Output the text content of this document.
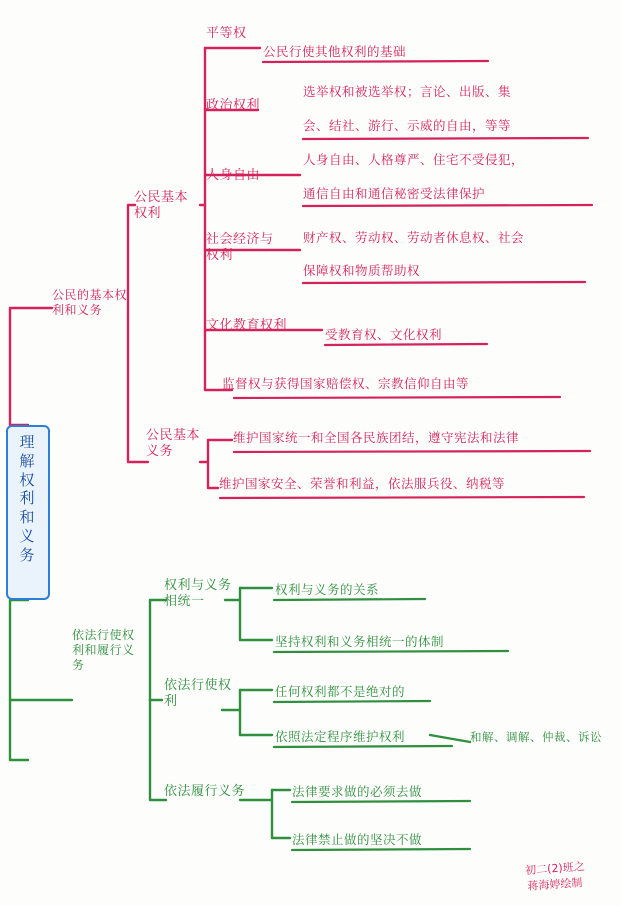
理解权利和义务
公民的基本权利和义务
公民基本权利
公民基本义务
平等权
公民行使其他权利的基础
政治权利
选举权和被选举权；言论、出版、集
会、结社、游行、示威的自由，等等
人身自由
人身自由、人格尊严、住宅不受侵犯，
通信自由和通信秘密受法律保护
社会经济与权利
财产权、劳动权、劳动者休息权、社会
保障权和物质帮助权
文化教育权利
受教育权、文化权利
监督权与获得国家赔偿权、宗教信仰自由等
维护国家统一和全国各民族团结，遵守宪法和法律
维护国家安全、荣誉和利益，依法服兵役、纳税等
依法行使权利和履行义务
权利与义务相统一
依法行使权利
依法履行义务
权利与义务的关系
坚持权利和义务相统一的体制
任何权利都不是绝对的
依照法定程序维护权利	和解、调解、仲裁、诉讼
法律要求做的必须去做
法律禁止做的坚决不做
初二(2)班之
蒋海婷绘制
